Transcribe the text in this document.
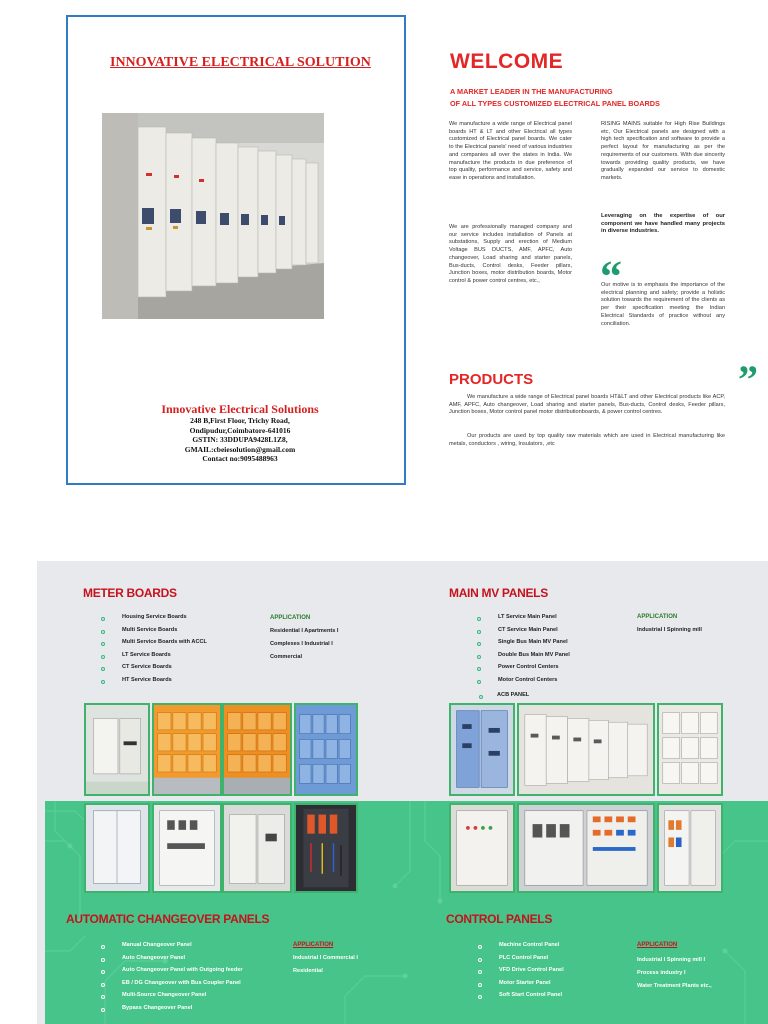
INNOVATIVE ELECTRICAL SOLUTION
Innovative Electrical Solutions
248 B,First Floor, Trichy Road,
Ondipudur,Coimbatore-641016
GSTIN: 33DDUPA9428L1Z8,
GMAIL:cbeiesolution@gmail.com
Contact no:9095488963
WELCOME
A MARKET LEADER IN THE MANUFACTURING
OF ALL TYPES CUSTOMIZED ELECTRICAL PANEL BOARDS
We manufacture a wide range of Electrical panel boards HT & LT and other Electrical all types customized of Electrical panel boards. We cater to the Electrical panels' need of various industries and companies all over the states in India. We manufacture the products in due preference of top quality, performance and service, safety and ease in operations and installation.
We are professionally managed company and our service includes installation of Panels at substations, Supply and erection of Medium Voltage BUS DUCTS, AMF, APFC, Auto changeover, Load sharing and starter panels, Bus-ducts, Control desks, Feeder pillars, Junction boxes, motor distribution boards, Motor control & power control centres, etc.,
RISING MAINS suitable for High Rise Buildings etc, Our Electrical panels are designed with a high tech specification and software to provide a perfect layout for manufacturing as per the requirements of our customers. With due sincerity towards providing quality products, we have gradually expanded our service to domestic markets.
Leveraging on the expertise of our component we have handled many projects in diverse industries.
“
Our motive is to emphasis the importance of the electrical planning and safety; provide a holistic solution towards the requirement of the clients as per their specification meeting the Indian Electrical Standards of practice without any conciliation.
”
PRODUCTS
We manufacture a wide range of Electrical panel boards HT&LT and other Electrical products like ACP, AMF, APFC, Auto changeover, Load sharing and starter panels, Bus-ducts, Control desks, Feeder pillars, Junction boxes, Motor control panel motor distributionboards, & power control centres.
Our products are used by top quality raw materials which are used in Electrical manufacturing like metals, conductors , wiring, Insulators, ,etc
METER BOARDS
Housing Service Boards
Multi Service Boards
Multi Service Boards with ACCL
LT Service Boards
CT Service Boards
HT Service Boards
APPLICATION
Residential I Apartments I
Complexes I Industrial I
Commercial
MAIN MV PANELS
LT Service Main Panel
CT Service Main Panel
Single Bus Main MV Panel
Double Bus Main MV Panel
Power Control Centers
Motor Control Centers
ACB PANEL
APPLICATION
Industrial I Spinning mill
AUTOMATIC CHANGEOVER PANELS
Manual Changeover Panel
Auto Changeover Panel
Auto Changeover Panel with Outgoing feeder
EB / DG Changeover with Bus Coupler Panel
Multi-Source Changeover Panel
Bypass Changeover Panel
APPLICATION
Industrial I Commercial I
Residential
CONTROL PANELS
Machine Control Panel
PLC Control Panel
VFD Drive Control Panel
Motor Starter Panel
Soft Start Control Panel
APPLICATION
Industrial I Spinning mill I
Process industry I
Water Treatment Plants etc.,
